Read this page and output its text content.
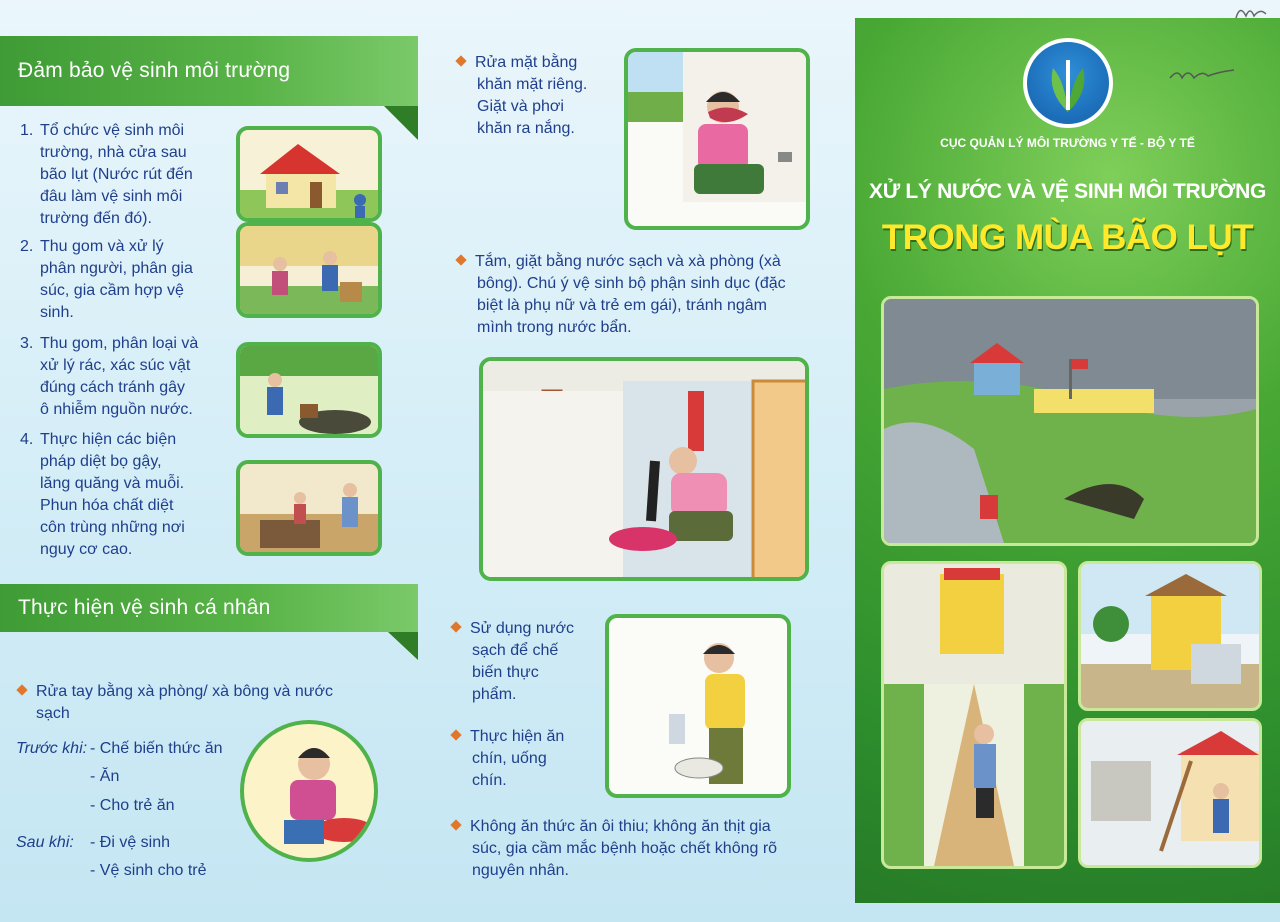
Đảm bảo vệ sinh môi trường
1. Tổ chức vệ sinh môi
trường, nhà cửa sau
bão lụt (Nước rút đến
đâu làm vệ sinh môi
trường đến đó).
2. Thu gom và xử lý
phân người, phân gia
súc, gia cầm hợp vệ
sinh.
3. Thu gom, phân loại và
xử lý rác, xác súc vật
đúng cách tránh gây
ô nhiễm nguồn nước.
4. Thực hiện các biện
pháp diệt bọ gậy,
lăng quăng và muỗi.
Phun hóa chất diệt
côn trùng những nơi
nguy cơ cao.
Thực hiện vệ sinh cá nhân
Rửa tay bằng xà phòng/ xà bông và nước
sạch
Trước khi: - Chế biến thức ăn
- Ăn
- Cho trẻ ăn
Sau khi: - Đi vệ sinh
- Vệ sinh cho trẻ
Rửa mặt bằng
khăn mặt riêng.
Giặt và phơi
khăn ra nắng.
Tắm, giặt bằng nước sạch và xà phòng (xà
bông). Chú ý vệ sinh bộ phận sinh dục (đặc
biệt là phụ nữ và trẻ em gái), tránh ngâm
mình trong nước bẩn.
Sử dụng nước
sạch để chế
biến thực
phẩm.
Thực hiện ăn
chín, uống
chín.
Không ăn thức ăn ôi thiu; không ăn thịt gia
súc, gia cầm mắc bệnh hoặc chết không rõ
nguyên nhân.
CỤC QUẢN LÝ MÔI TRƯỜNG Y TẾ - BỘ Y TẾ
XỬ LÝ NƯỚC VÀ VỆ SINH MÔI TRƯỜNG
TRONG MÙA BÃO LỤT
